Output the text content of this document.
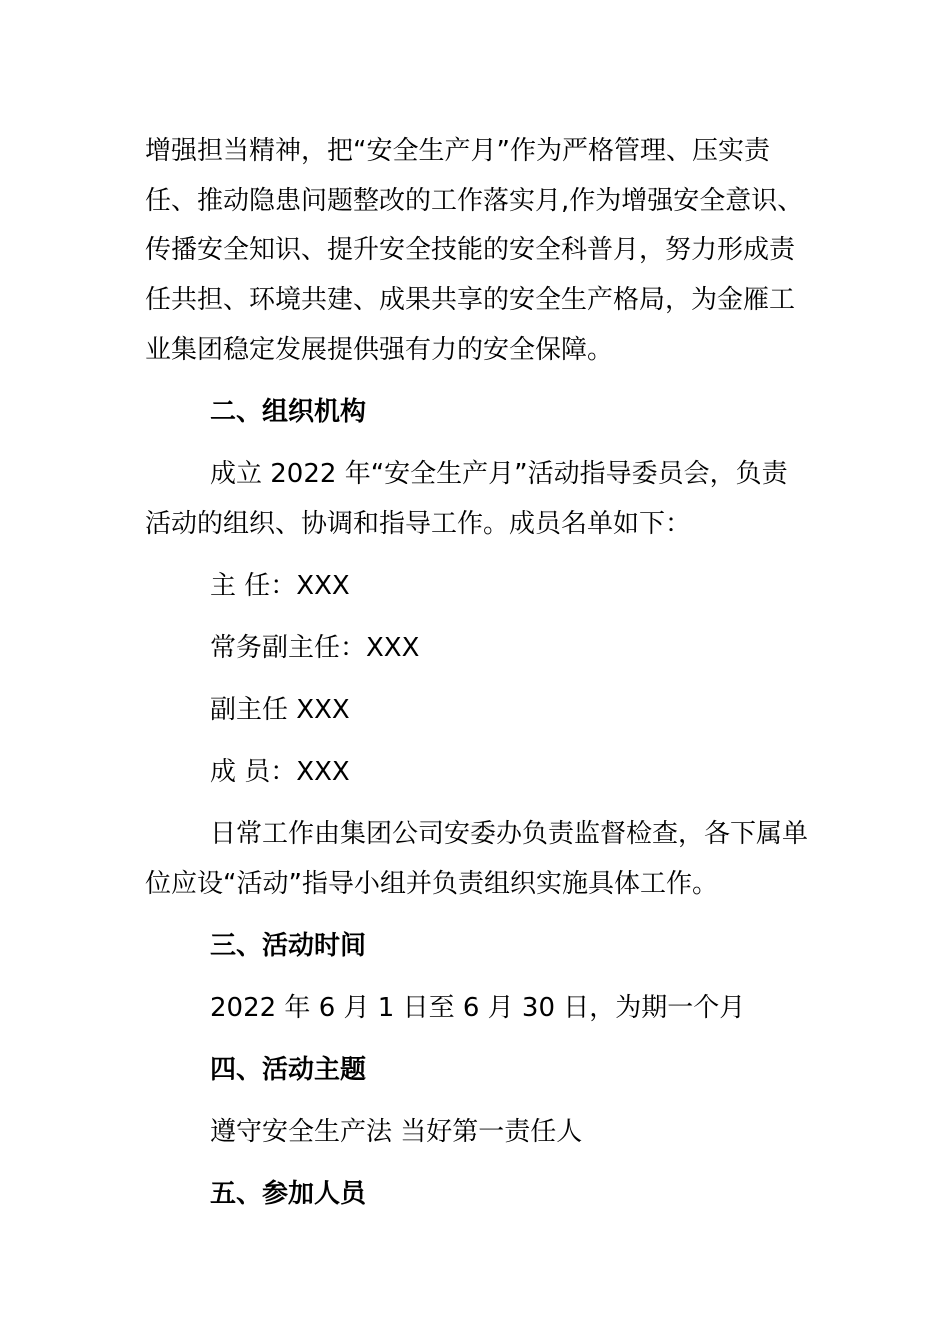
增强担当精神，把“安全生产月”作为严格管理、压实责

任、推动隐患问题整改的工作落实月,作为增强安全意识、

传播安全知识、提升安全技能的安全科普月，努力形成责

任共担、环境共建、成果共享的安全生产格局，为金雁工

业集团稳定发展提供强有力的安全保障。

二、组织机构

成立 2022 年“安全生产月”活动指导委员会，负责

活动的组织、协调和指导工作。成员名单如下：

主 任：XXX

常务副主任：XXX

副主任 XXX

成 员：XXX

日常工作由集团公司安委办负责监督检查，各下属单

位应设“活动”指导小组并负责组织实施具体工作。

三、活动时间

2022 年 6 月 1 日至 6 月 30 日，为期一个月

四、活动主题

遵守安全生产法 当好第一责任人

五、参加人员
